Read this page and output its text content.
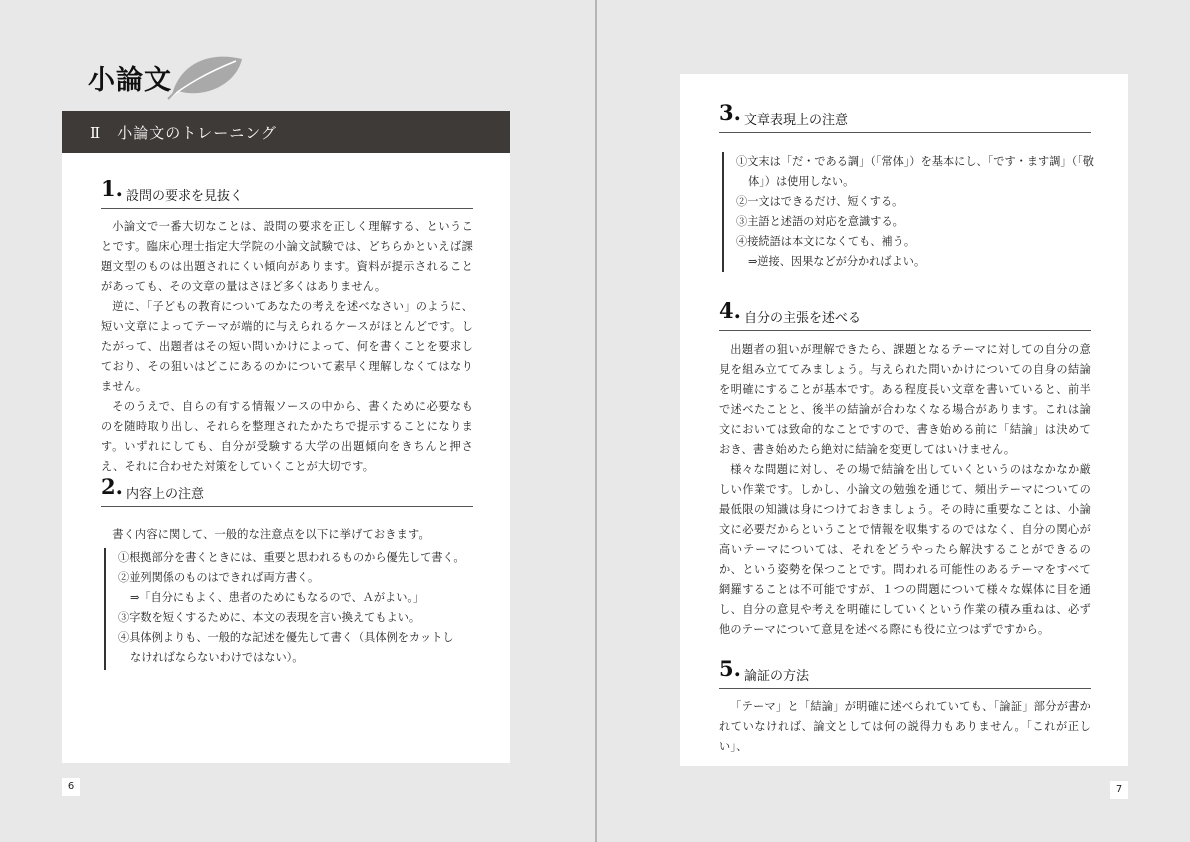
小論文
Ⅱ　小論文のトレーニング
1. 設問の要求を見抜く

小論文で一番大切なことは、設問の要求を正しく理解する、ということです。臨床心理士指定大学院の小論文試験では、どちらかといえば課題文型のものは出題されにくい傾向があります。資料が提示されることがあっても、その文章の量はさほど多くはありません。

逆に、「子どもの教育についてあなたの考えを述べなさい」のように、短い文章によってテーマが端的に与えられるケースがほとんどです。したがって、出題者はその短い問いかけによって、何を書くことを要求しており、その狙いはどこにあるのかについて素早く理解しなくてはなりません。

そのうえで、自らの有する情報ソースの中から、書くために必要なものを随時取り出し、それらを整理されたかたちで提示することになります。いずれにしても、自分が受験する大学の出題傾向をきちんと押さえ、それに合わせた対策をしていくことが大切です。

2. 内容上の注意

書く内容に関して、一般的な注意点を以下に挙げておきます。

①根拠部分を書くときには、重要と思われるものから優先して書く。
②並列関係のものはできれば両方書く。
⇒「自分にもよく、患者のためにもなるので、Ａがよい。」
③字数を短くするために、本文の表現を言い換えてもよい。
④具体例よりも、一般的な記述を優先して書く（具体例をカットし
なければならないわけではない）。
3. 文章表現上の注意
①文末は「だ・である調」（「常体」）を基本にし、「です・ます調」（「敬
体」）は使用しない。
②一文はできるだけ、短くする。
③主語と述語の対応を意識する。
④接続語は本文になくても、補う。
⇒逆接、因果などが分かればよい。
4. 自分の主張を述べる

出題者の狙いが理解できたら、課題となるテーマに対しての自分の意見を組み立ててみましょう。与えられた問いかけについての自身の結論を明確にすることが基本です。ある程度長い文章を書いていると、前半で述べたことと、後半の結論が合わなくなる場合があります。これは論文においては致命的なことですので、書き始める前に「結論」は決めておき、書き始めたら絶対に結論を変更してはいけません。

様々な問題に対し、その場で結論を出していくというのはなかなか厳しい作業です。しかし、小論文の勉強を通じて、頻出テーマについての最低限の知識は身につけておきましょう。その時に重要なことは、小論文に必要だからということで情報を収集するのではなく、自分の関心が高いテーマについては、それをどうやったら解決することができるのか、という姿勢を保つことです。問われる可能性のあるテーマをすべて網羅することは不可能ですが、１つの問題について様々な媒体に目を通し、自分の意見や考えを明確にしていくという作業の積み重ねは、必ず他のテーマについて意見を述べる際にも役に立つはずですから。

5. 論証の方法

「テーマ」と「結論」が明確に述べられていても、「論証」部分が書かれていなければ、論文としては何の説得力もありません。「これが正しい」、

6	7
